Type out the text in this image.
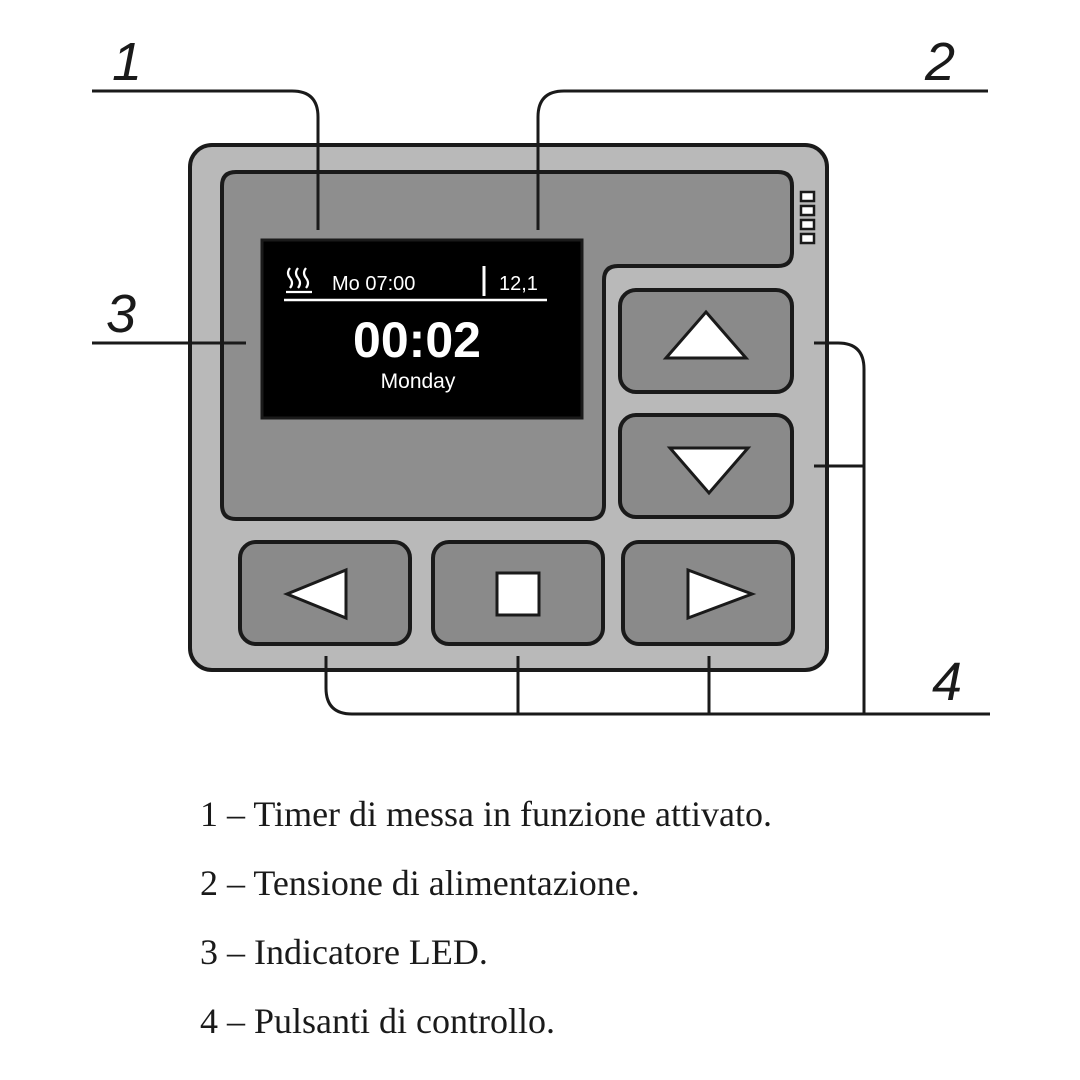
Mo 07:00	12,1
00:02
Monday
1	2
3
4
1 – Timer di messa in funzione attivato.
2 – Tensione di alimentazione.
3 – Indicatore LED.
4 – Pulsanti di controllo.
